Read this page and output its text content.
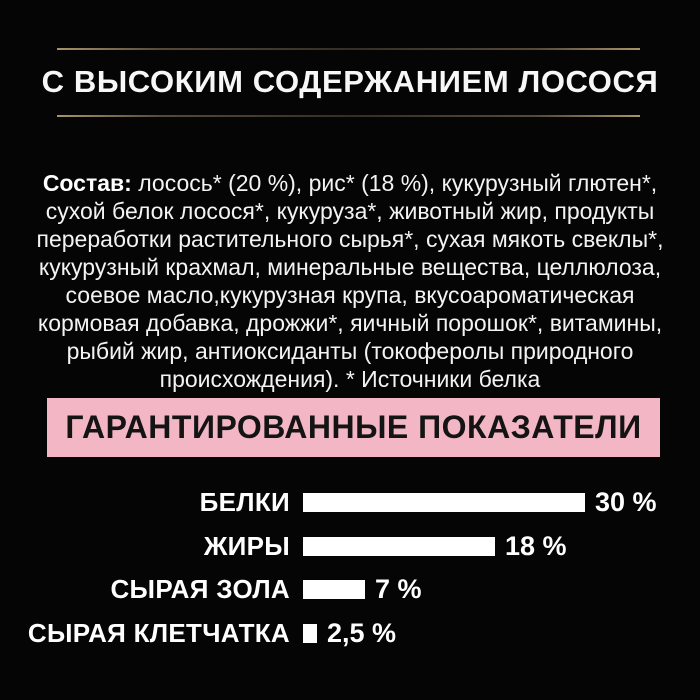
С ВЫСОКИМ СОДЕРЖАНИЕМ ЛОСОСЯ

Состав: лосось* (20 %), рис* (18 %), кукурузный глютен*, сухой белок лосося*, кукуруза*, животный жир, продукты переработки растительного сырья*, сухая мякоть свеклы*, кукурузный крахмал, минеральные вещества, целлюлоза, соевое масло,кукурузная крупа, вкусоароматическая кормовая добавка, дрожжи*, яичный порошок*, витамины, рыбий жир, антиоксиданты (токоферолы природного происхождения). * Источники белка

ГАРАНТИРОВАННЫЕ ПОКАЗАТЕЛИ
БЕЛКИ	30 %
ЖИРЫ	18 %
СЫРАЯ ЗОЛА	7 %
СЫРАЯ КЛЕТЧАТКА 2,5 %
